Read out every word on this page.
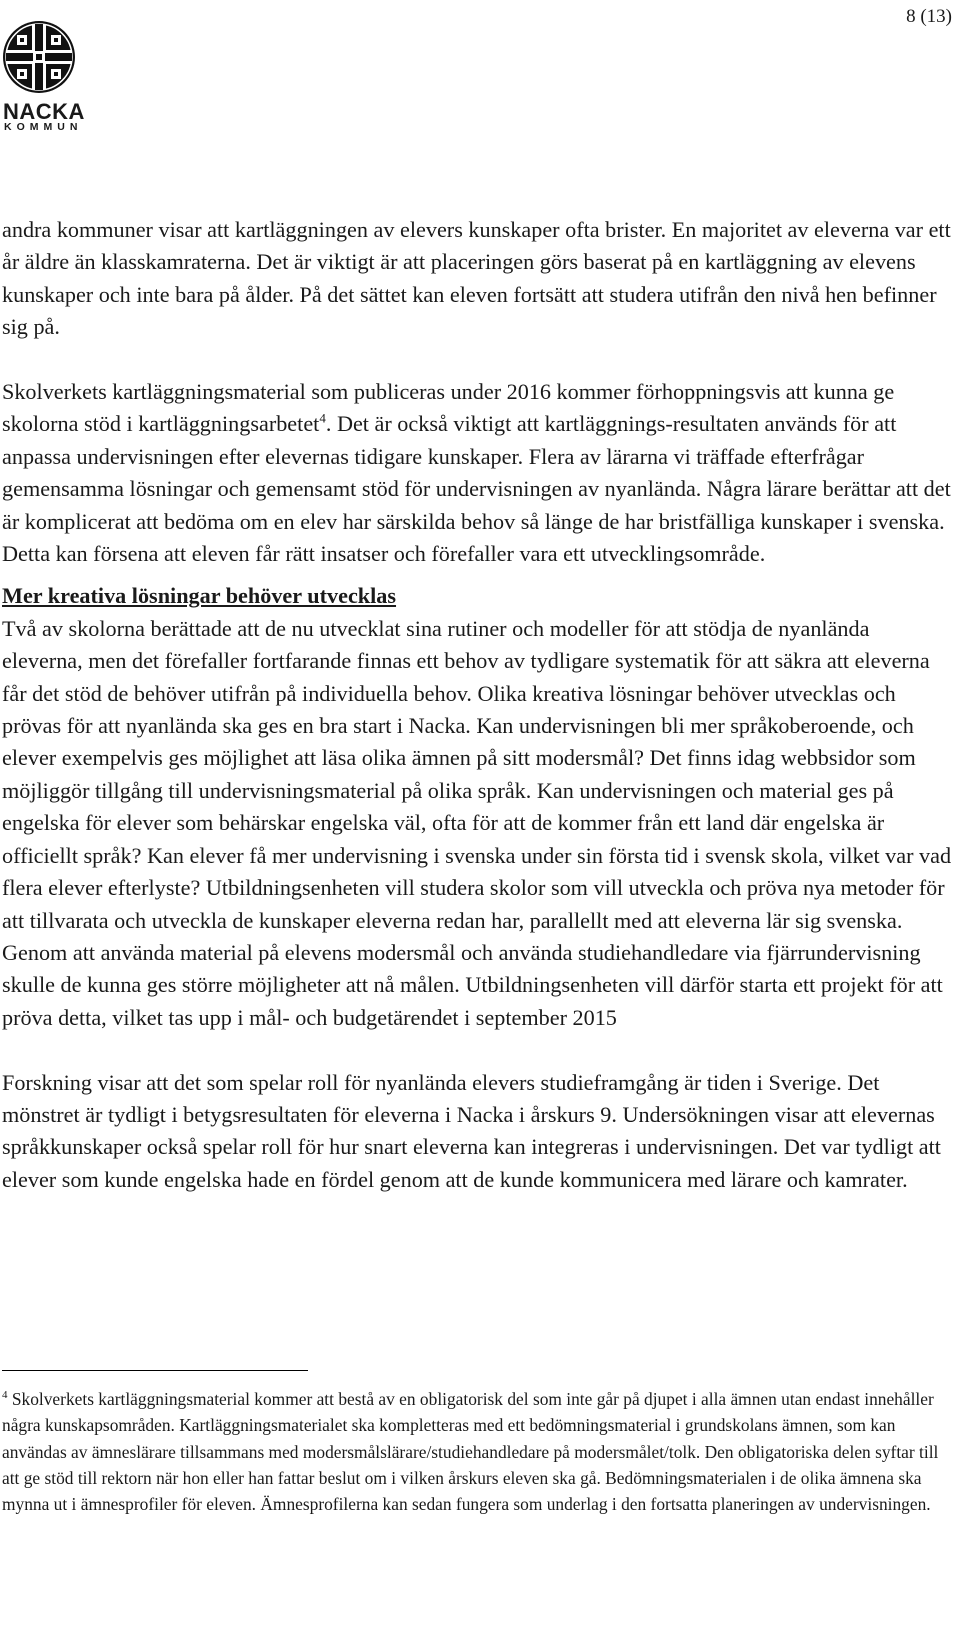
8 (13)
NACKA
KOMMUN

andra kommuner visar att kartläggningen av elevers kunskaper ofta brister. En majoritet av eleverna var ett år äldre än klasskamraterna. Det är viktigt är att placeringen görs baserat på en kartläggning av elevens kunskaper och inte bara på ålder. På det sättet kan eleven fortsätt att studera utifrån den nivå hen befinner sig på.

Skolverkets kartläggningsmaterial som publiceras under 2016 kommer förhoppningsvis att kunna ge skolorna stöd i kartläggningsarbetet$^4$. Det är också viktigt att kartläggnings-resultaten används för att anpassa undervisningen efter elevernas tidigare kunskaper. Flera av lärarna vi träffade efterfrågar gemensamma lösningar och gemensamt stöd för undervisningen av nyanlända. Några lärare berättar att det är komplicerat att bedöma om en elev har särskilda behov så länge de har bristfälliga kunskaper i svenska. Detta kan försena att eleven får rätt insatser och förefaller vara ett utvecklingsområde.

Mer kreativa lösningar behöver utvecklas

Två av skolorna berättade att de nu utvecklat sina rutiner och modeller för att stödja de nyanlända eleverna, men det förefaller fortfarande finnas ett behov av tydligare systematik för att säkra att eleverna får det stöd de behöver utifrån på individuella behov. Olika kreativa lösningar behöver utvecklas och prövas för att nyanlända ska ges en bra start i Nacka. Kan undervisningen bli mer språkoberoende, och elever exempelvis ges möjlighet att läsa olika ämnen på sitt modersmål? Det finns idag webbsidor som möjliggör tillgång till undervisningsmaterial på olika språk. Kan undervisningen och material ges på engelska för elever som behärskar engelska väl, ofta för att de kommer från ett land där engelska är officiellt språk? Kan elever få mer undervisning i svenska under sin första tid i svensk skola, vilket var vad flera elever efterlyste? Utbildningsenheten vill studera skolor som vill utveckla och pröva nya metoder för att tillvarata och utveckla de kunskaper eleverna redan har, parallellt med att eleverna lär sig svenska. Genom att använda material på elevens modersmål och använda studiehandledare via fjärrundervisning skulle de kunna ges större möjligheter att nå målen. Utbildningsenheten vill därför starta ett projekt för att pröva detta, vilket tas upp i mål- och budgetärendet i september 2015

Forskning visar att det som spelar roll för nyanlända elevers studieframgång är tiden i Sverige. Det mönstret är tydligt i betygsresultaten för eleverna i Nacka i årskurs 9. Undersökningen visar att elevernas språkkunskaper också spelar roll för hur snart eleverna kan integreras i undervisningen. Det var tydligt att elever som kunde engelska hade en fördel genom att de kunde kommunicera med lärare och kamrater.

$^4$ Skolverkets kartläggningsmaterial kommer att bestå av en obligatorisk del som inte går på djupet i alla ämnen utan endast innehåller några kunskapsområden. Kartläggningsmaterialet ska kompletteras med ett bedömningsmaterial i grundskolans ämnen, som kan användas av ämneslärare tillsammans med modersmålslärare/studiehandledare på modersmålet/tolk. Den obligatoriska delen syftar till att ge stöd till rektorn när hon eller han fattar beslut om i vilken årskurs eleven ska gå. Bedömningsmaterialen i de olika ämnena ska mynna ut i ämnesprofiler för eleven. Ämnesprofilerna kan sedan fungera som underlag i den fortsatta planeringen av undervisningen.
